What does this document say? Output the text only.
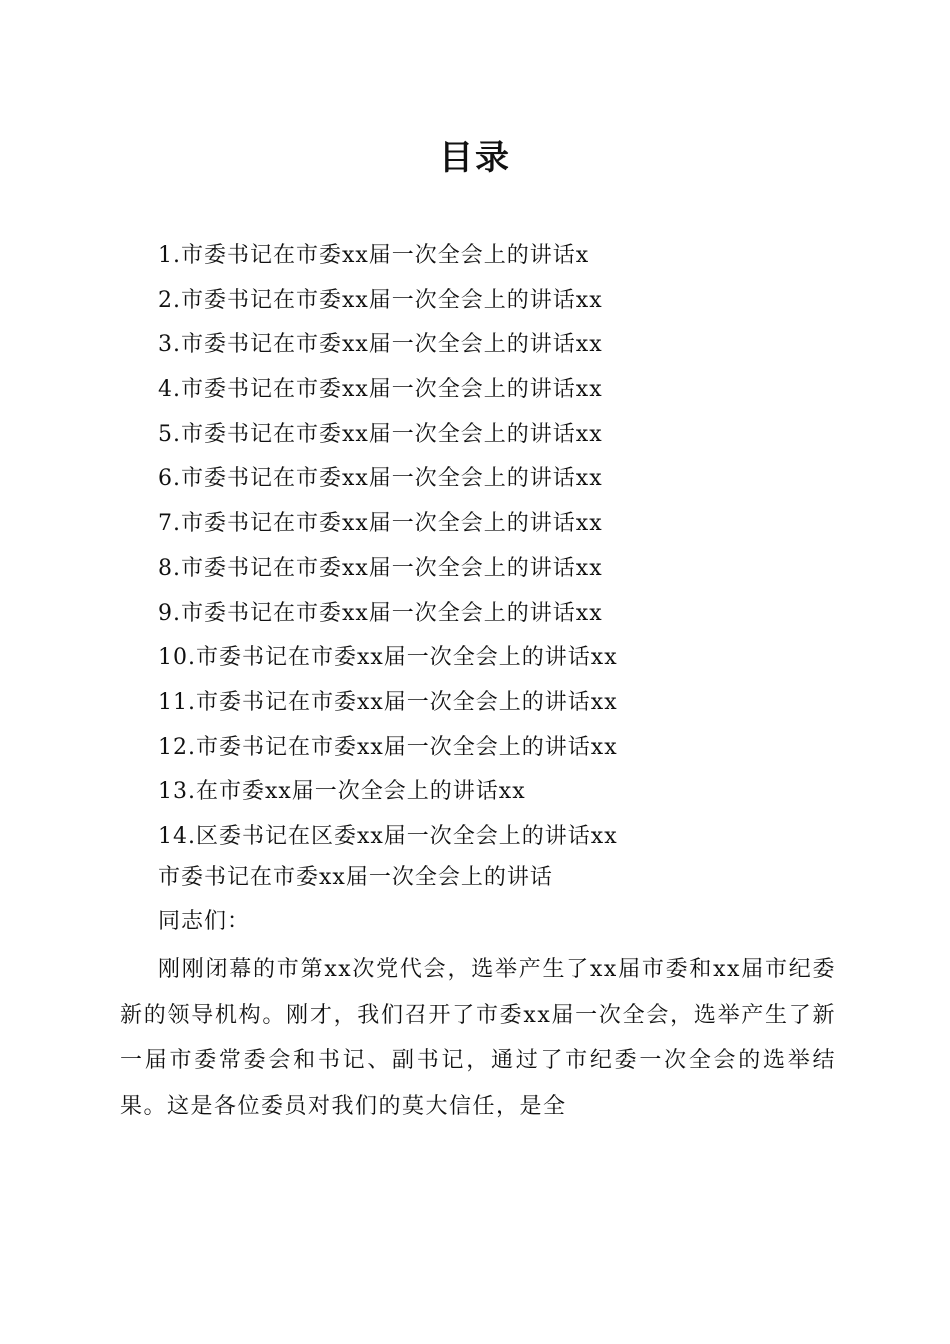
目录
1.市委书记在市委xx届一次全会上的讲话x
2.市委书记在市委xx届一次全会上的讲话xx
3.市委书记在市委xx届一次全会上的讲话xx
4.市委书记在市委xx届一次全会上的讲话xx
5.市委书记在市委xx届一次全会上的讲话xx
6.市委书记在市委xx届一次全会上的讲话xx
7.市委书记在市委xx届一次全会上的讲话xx
8.市委书记在市委xx届一次全会上的讲话xx
9.市委书记在市委xx届一次全会上的讲话xx
10.市委书记在市委xx届一次全会上的讲话xx
11.市委书记在市委xx届一次全会上的讲话xx
12.市委书记在市委xx届一次全会上的讲话xx
13.在市委xx届一次全会上的讲话xx
14.区委书记在区委xx届一次全会上的讲话xx
市委书记在市委xx届一次全会上的讲话
同志们：

刚刚闭幕的市第xx次党代会，选举产生了xx届市委和xx届市纪委新的领导机构。刚才，我们召开了市委xx届一次全会，选举产生了新一届市委常委会和书记、副书记，通过了市纪委一次全会的选举结果。这是各位委员对我们的莫大信任，是全
